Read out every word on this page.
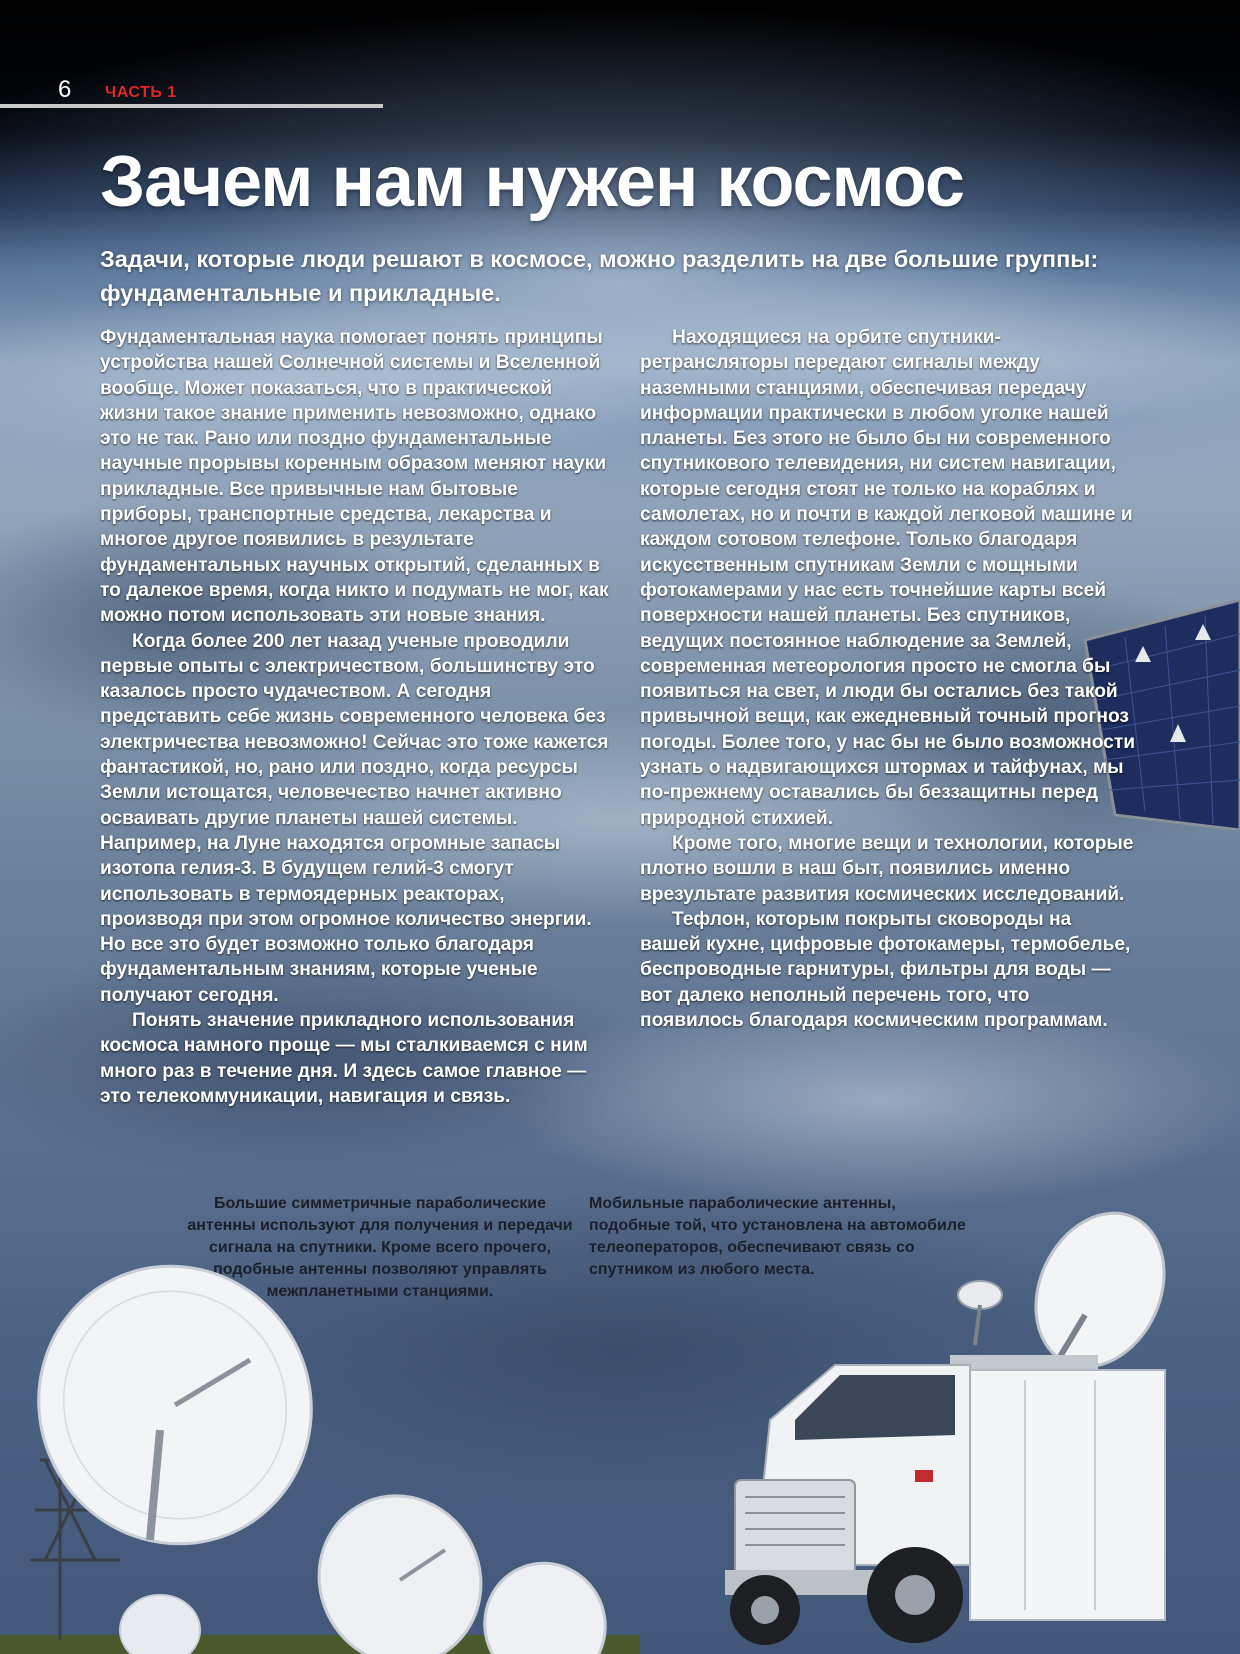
6 ЧАСТЬ 1
Зачем нам нужен космос
Задачи, которые люди решают в космосе, можно разделить на две большие группы: фундаментальные и прикладные.

Фундаментальная наука помогает понять принципы устройства нашей Солнечной системы и Вселенной вообще. Может показаться, что в практической жизни такое знание применить невозможно, однако это не так. Рано или поздно фундаментальные научные прорывы коренным образом меняют науки прикладные. Все привычные нам бытовые приборы, транспортные средства, лекарства и многое другое появились в результате фундаментальных научных открытий, сделанных в то далекое время, когда никто и подумать не мог, как можно потом использовать эти новые знания.

Когда более 200 лет назад ученые проводили первые опыты с электричеством, большинству это казалось просто чудачеством. А сегодня представить себе жизнь современного человека без электричества невозможно! Сейчас это тоже кажется фантастикой, но, рано или поздно, когда ресурсы Земли истощатся, человечество начнет активно осваивать другие планеты нашей системы. Например, на Луне находятся огромные запасы изотопа гелия-3. В будущем гелий-3 смогут использовать в термоядерных реакторах, производя при этом огромное количество энергии. Но все это будет возможно только благодаря фундаментальным знаниям, которые ученые получают сегодня.

Понять значение прикладного использования космоса намного проще — мы сталкиваемся с ним много раз в течение дня. И здесь самое главное — это телекоммуникации, навигация и связь.

Находящиеся на орбите спутники-ретрансляторы передают сигналы между наземными станциями, обеспечивая передачу информации практически в любом уголке нашей планеты. Без этого не было бы ни современного спутникового телевидения, ни систем навигации, которые сегодня стоят не только на кораблях и самолетах, но и почти в каждой легковой машине и каждом сотовом телефоне. Только благодаря искусственным спутникам Земли с мощными фотокамерами у нас есть точнейшие карты всей поверхности нашей планеты. Без спутников, ведущих постоянное наблюдение за Землей, современная метеорология просто не смогла бы появиться на свет, и люди бы остались без такой привычной вещи, как ежедневный точный прогноз погоды. Более того, у нас бы не было возможности узнать о надвигающихся штормах и тайфунах, мы по-прежнему оставались бы беззащитны перед природной стихией.

Кроме того, многие вещи и технологии, которые плотно вошли в наш быт, появились именно врезультате развития космических исследований.

Тефлон, которым покрыты сковороды на вашей кухне, цифровые фотокамеры, термобелье, беспроводные гарнитуры, фильтры для воды — вот далеко неполный перечень того, что появилось благодаря космическим программам.

Большие симметричные параболические антенны используют для получения и передачи сигнала на спутники. Кроме всего прочего, подобные антенны позволяют управлять межпланетными станциями.
Мобильные параболические антенны, подобные той, что установлена на автомобиле телеоператоров, обеспечивают связь со спутником из любого места.
